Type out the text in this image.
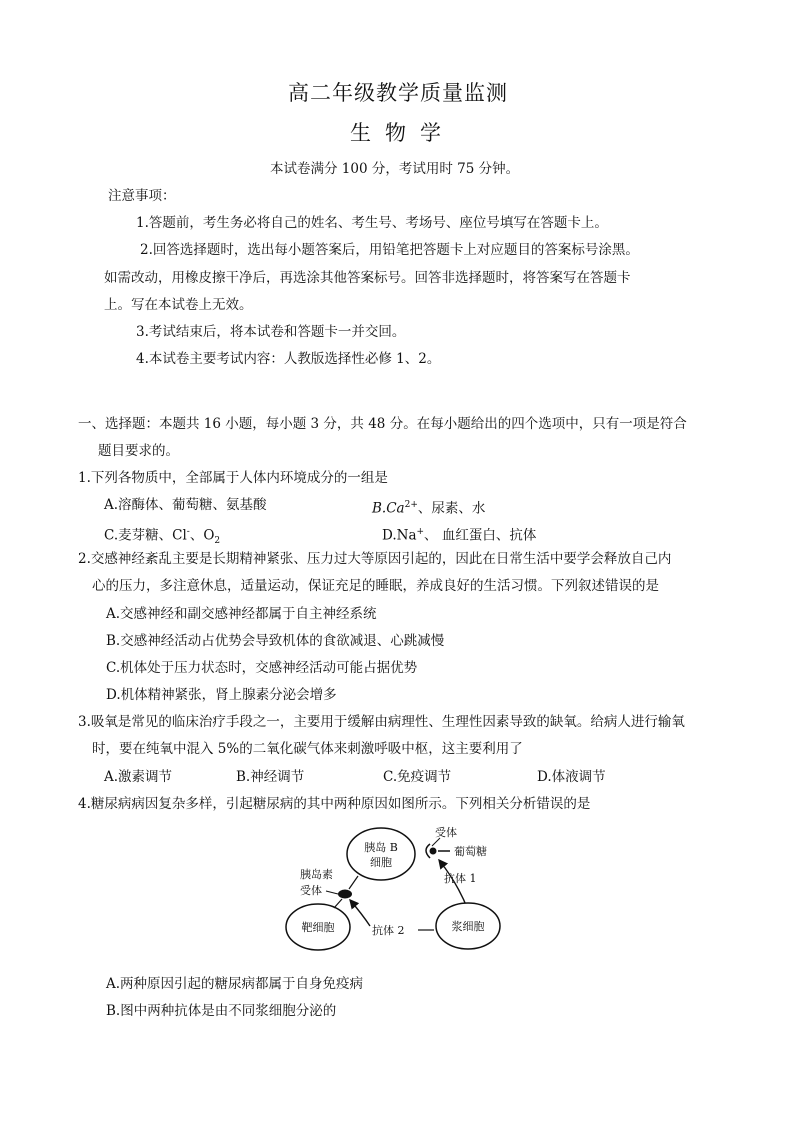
高二年级教学质量监测
生 物 学
本试卷满分 100 分，考试用时 75 分钟。
注意事项：
1.答题前，考生务必将自己的姓名、考生号、考场号、座位号填写在答题卡上。
2.回答选择题时，选出每小题答案后，用铅笔把答题卡上对应题目的答案标号涂黑。
如需改动，用橡皮擦干净后，再选涂其他答案标号。回答非选择题时，将答案写在答题卡
上。写在本试卷上无效。
3.考试结束后，将本试卷和答题卡一并交回。
4.本试卷主要考试内容：人教版选择性必修 1、2。
一、选择题：本题共 16 小题，每小题 3 分，共 48 分。在每小题给出的四个选项中，只有一项是符合
题目要求的。
1.下列各物质中，全部属于人体内环境成分的一组是
A.溶酶体、葡萄糖、氨基酸	$B.Ca^{2+}$、尿素、水
C.麦芽糖、Cl-、$O_2$	D.Na+、 血红蛋白、抗体
2.交感神经紊乱主要是长期精神紧张、压力过大等原因引起的，因此在日常生活中要学会释放自己内
心的压力，多注意休息，适量运动，保证充足的睡眠，养成良好的生活习惯。下列叙述错误的是
A.交感神经和副交感神经都属于自主神经系统
B.交感神经活动占优势会导致机体的食欲减退、心跳减慢
C.机体处于压力状态时，交感神经活动可能占据优势
D.机体精神紧张，肾上腺素分泌会增多
3.吸氧是常见的临床治疗手段之一，主要用于缓解由病理性、生理性因素导致的缺氧。给病人进行输氧
时，要在纯氧中混入 5%的二氧化碳气体来刺激呼吸中枢，这主要利用了
A.激素调节	B.神经调节	C.免疫调节	D.体液调节
4.糖尿病病因复杂多样，引起糖尿病的其中两种原因如图所示。下列相关分析错误的是
胰岛 B
细胞
受体
葡萄糖
抗体 1
胰岛素
受体
靶细胞	抗体 2	浆细胞
A.两种原因引起的糖尿病都属于自身免疫病
B.图中两种抗体是由不同浆细胞分泌的
